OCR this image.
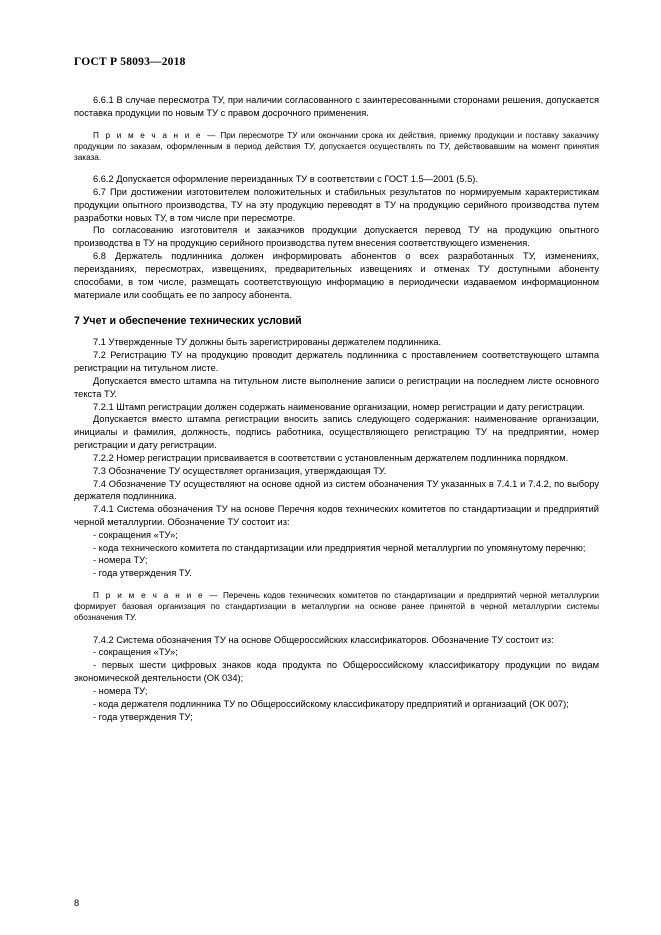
ГОСТ Р 58093—2018

6.6.1 В случае пересмотра ТУ, при наличии согласованного с заинтересованными сторонами решения, допускается поставка продукции по новым ТУ с правом досрочного применения.

П р и м е ч а н и е — При пересмотре ТУ или окончании срока их действия, приемку продукции и поставку заказчику продукции по заказам, оформленным в период действия ТУ, допускается осуществлять по ТУ, действовавшим на момент принятия заказа.

6.6.2 Допускается оформление переизданных ТУ в соответствии с ГОСТ 1.5—2001 (5.5).

6.7 При достижении изготовителем положительных и стабильных результатов по нормируемым характеристикам продукции опытного производства, ТУ на эту продукцию переводят в ТУ на продукцию серийного производства путем разработки новых ТУ, в том числе при пересмотре.

По согласованию изготовителя и заказчиков продукции допускается перевод ТУ на продукцию опытного производства в ТУ на продукцию серийного производства путем внесения соответствующего изменения.

6.8 Держатель подлинника должен информировать абонентов о всех разработанных ТУ, изменениях, переизданиях, пересмотрах, извещениях, предварительных извещениях и отменах ТУ доступными абоненту способами, в том числе, размещать соответствующую информацию в периодически издаваемом информационном материале или сообщать ее по запросу абонента.

7 Учет и обеспечение технических условий

7.1 Утвержденные ТУ должны быть зарегистрированы держателем подлинника.

7.2 Регистрацию ТУ на продукцию проводит держатель подлинника с проставлением соответствующего штампа регистрации на титульном листе.

Допускается вместо штампа на титульном листе выполнение записи о регистрации на последнем листе основного текста ТУ.

7.2.1 Штамп регистрации должен содержать наименование организации, номер регистрации и дату регистрации.

Допускается вместо штампа регистрации вносить запись следующего содержания: наименование организации, инициалы и фамилия, должность, подпись работника, осуществляющего регистрацию ТУ на предприятии, номер регистрации и дату регистрации.

7.2.2 Номер регистрации присваивается в соответствии с установленным держателем подлинника порядком.

7.3 Обозначение ТУ осуществляет организация, утверждающая ТУ.

7.4 Обозначение ТУ осуществляют на основе одной из систем обозначения ТУ указанных в 7.4.1 и 7.4.2, по выбору держателя подлинника.

7.4.1 Система обозначения ТУ на основе Перечня кодов технических комитетов по стандартизации и предприятий черной металлургии. Обозначение ТУ состоит из:

- сокращения «ТУ»;

- кода технического комитета по стандартизации или предприятия черной металлургии по упомянутому перечню;

- номера ТУ;

- года утверждения ТУ.

П р и м е ч а н и е — Перечень кодов технических комитетов по стандартизации и предприятий черной металлургии формирует базовая организация по стандартизации в металлургии на основе ранее принятой в черной металлургии системы обозначения ТУ.

7.4.2 Система обозначения ТУ на основе Общероссийских классификаторов. Обозначение ТУ состоит из:

- сокращения «ТУ»;

- первых шести цифровых знаков кода продукта по Общероссийскому классификатору продукции по видам экономической деятельности (ОК 034);

- номера ТУ;

- кода держателя подлинника ТУ по Общероссийскому классификатору предприятий и организаций (ОК 007);

- года утверждения ТУ;

8
